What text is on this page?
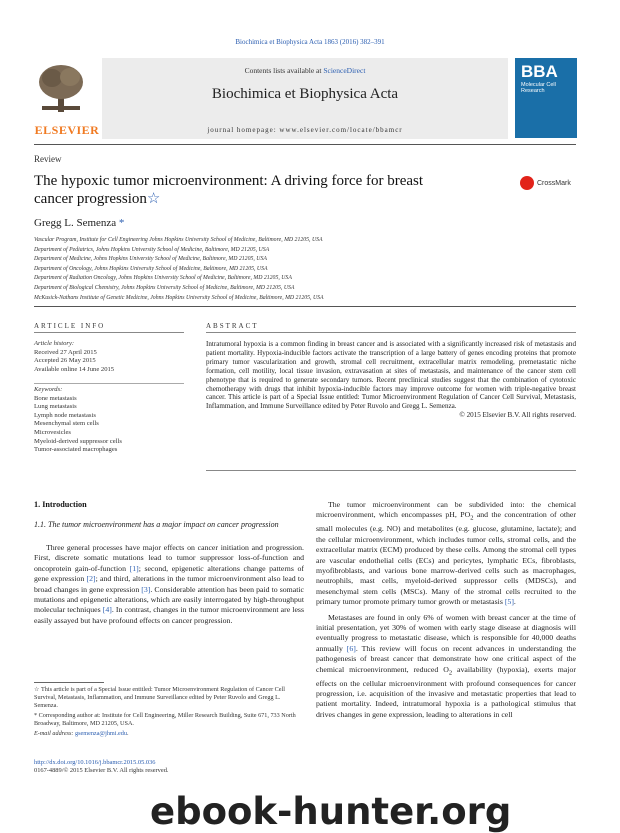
Biochimica et Biophysica Acta 1863 (2016) 382–391
ELSEVIER
Contents lists available at ScienceDirect
Biochimica et Biophysica Acta
journal homepage: www.elsevier.com/locate/bbamcr
BBA
Molecular Cell
Research
Review
The hypoxic tumor microenvironment: A driving force for breast cancer progression☆
CrossMark
Gregg L. Semenza *
Vascular Program, Institute for Cell Engineering Johns Hopkins University School of Medicine, Baltimore, MD 21205, USA
Department of Pediatrics, Johns Hopkins University School of Medicine, Baltimore, MD 21205, USA
Department of Medicine, Johns Hopkins University School of Medicine, Baltimore, MD 21205, USA
Department of Oncology, Johns Hopkins University School of Medicine, Baltimore, MD 21205, USA
Department of Radiation Oncology, Johns Hopkins University School of Medicine, Baltimore, MD 21205, USA
Department of Biological Chemistry, Johns Hopkins University School of Medicine, Baltimore, MD 21205, USA
McKusick-Nathans Institute of Genetic Medicine, Johns Hopkins University School of Medicine, Baltimore, MD 21205, USA
ARTICLE INFO	ABSTRACT
Article history:
Received 27 April 2015
Accepted 26 May 2015
Available online 14 June 2015
Keywords:
Bone metastasis
Lung metastasis
Lymph node metastasis
Mesenchymal stem cells
Microvesicles
Myeloid-derived suppressor cells
Tumor-associated macrophages
Intratumoral hypoxia is a common finding in breast cancer and is associated with a significantly increased risk of metastasis and patient mortality. Hypoxia-inducible factors activate the transcription of a large battery of genes encoding proteins that promote primary tumor vascularization and growth, stromal cell recruitment, extracellular matrix remodeling, premetastatic niche formation, cell motility, local tissue invasion, extravasation at sites of metastasis, and maintenance of the cancer stem cell phenotype that is required to generate secondary tumors. Recent preclinical studies suggest that the combination of cytotoxic chemotherapy with drugs that inhibit hypoxia-inducible factors may improve outcome for women with triple-negative breast cancer. This article is part of a Special Issue entitled: Tumor Microenvironment Regulation of Cancer Cell Survival, Metastasis, Inflammation, and Immune Surveillance edited by Peter Ruvolo and Gregg L. Semenza.
© 2015 Elsevier B.V. All rights reserved.
1. Introduction
1.1. The tumor microenvironment has a major impact on cancer progression

Three general processes have major effects on cancer initiation and progression. First, discrete somatic mutations lead to tumor suppressor loss-of-function and oncoprotein gain-of-function [1]; second, epigenetic alterations change patterns of gene expression [2]; and third, alterations in the tumor microenvironment also lead to broad changes in gene expression [3]. Considerable attention has been paid to somatic mutations and epigenetic alterations, which are easily interrogated by high-throughput molecular techniques [4]. In contrast, changes in the tumor microenvironment are less easily assayed but have profound effects on cancer progression.

The tumor microenvironment can be subdivided into: the chemical microenvironment, which encompasses pH, $PO_2$ and the concentration of other small molecules (e.g. NO) and metabolites (e.g. glucose, glutamine, lactate); and the cellular microenvironment, which includes tumor cells, stromal cells, and the extracellular matrix (ECM) produced by these cells. Among the stromal cell types are vascular endothelial cells (ECs) and pericytes, lymphatic ECs, fibroblasts, myofibroblasts, and various bone marrow-derived cells such as macrophages, neutrophils, mast cells, myeloid-derived suppressor cells (MDSCs), and mesenchymal stem cells (MSCs). Many of the stromal cells recruited to the primary tumor promote primary tumor growth or metastasis [5].

Metastases are found in only 6% of women with breast cancer at the time of initial presentation, yet 30% of women with early stage disease at diagnosis will eventually progress to metastatic disease, which is responsible for 40,000 deaths annually [6]. This review will focus on recent advances in understanding the pathogenesis of breast cancer that demonstrate how one critical aspect of the chemical microenvironment, reduced $O_2$ availability (hypoxia), exerts major effects on the cellular microenvironment with profound consequences for cancer progression, i.e. acquisition of the invasive and metastatic properties that lead to patient mortality. Indeed, intratumoral hypoxia is a pathological stimulus that drives changes in gene expression, leading to alterations in cell

☆ This article is part of a Special Issue entitled: Tumor Microenvironment Regulation of Cancer Cell Survival, Metastasis, Inflammation, and Immune Surveillance edited by Peter Ruvolo and Gregg L. Semenza.

* Corresponding author at: Institute for Cell Engineering, Miller Research Building, Suite 671, 733 North Broadway, Baltimore, MD 21205, USA.

E-mail address: gsemenza@jhmi.edu.

http://dx.doi.org/10.1016/j.bbamcr.2015.05.036
0167-4889/© 2015 Elsevier B.V. All rights reserved.
ebook-hunter.org
